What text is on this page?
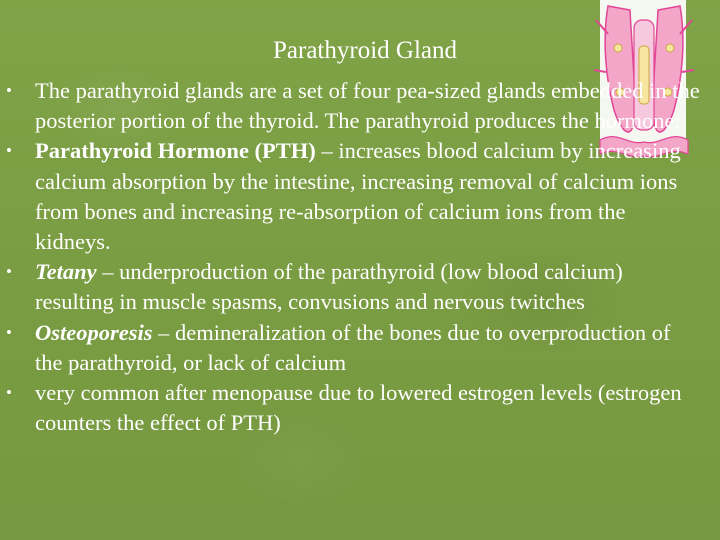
Parathyroid Gland
• The parathyroid glands are a set of four pea-sized glands embedded in the posterior portion of the thyroid. The parathyroid produces the hormone:
• Parathyroid Hormone (PTH) – increases blood calcium by increasing calcium absorption by the intestine, increasing removal of calcium ions from bones and increasing re-absorption of calcium ions from the kidneys.
• Tetany – underproduction of the parathyroid (low blood calcium) resulting in muscle spasms, convusions and nervous twitches
• Osteoporesis – demineralization of the bones due to overproduction of the parathyroid, or lack of calcium
• very common after menopause due to lowered estrogen levels (estrogen counters the effect of PTH)
